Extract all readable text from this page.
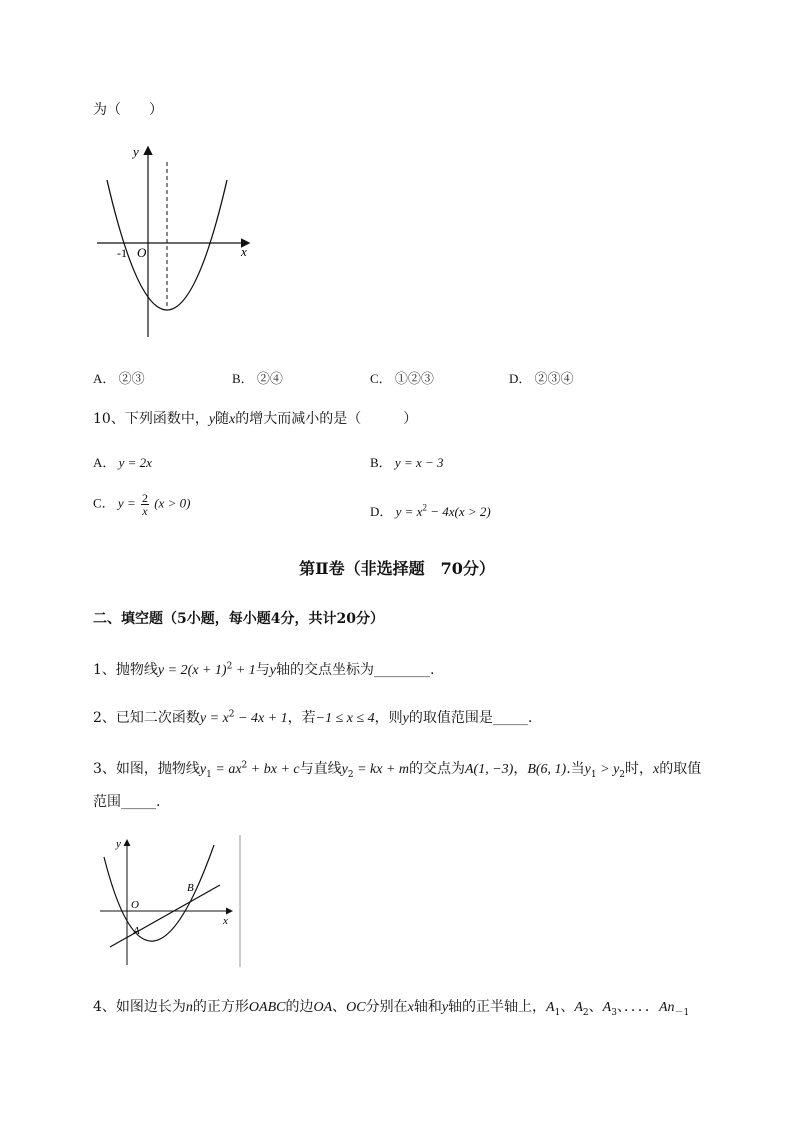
为（　　）
y
x
O
-1
A． ②③	B． ②④	C． ①②③	D． ②③④
10、下列函数中，y随x的增大而减小的是（　　　）
A． y = 2x	B． y = x − 3
C． $y = \frac{2}{x} (x > 0)$
D． $y = x^2 - 4x(x > 2)$
第Ⅱ卷（非选择题　70分）
二、填空题（5小题，每小题4分，共计20分）
1、抛物线$y = 2(x + 1)^2 + 1$与y轴的交点坐标为________.
2、已知二次函数$y = x^2 - 4x + 1$，若−1 ≤ x ≤ 4，则y的取值范围是_____.
3、如图，抛物线$y_1 = ax^2$ + bx + c与直线$y_2$ = kx + m的交点为A(1, −3)，B(6, 1).当$y_1 > y_2$时，x的取值
范围_____.
y
x
O
A
B
4、如图边长为n的正方形OABC的边OA、OC分别在x轴和y轴的正半轴上，$A_1$、$A_2$、$A_3$、．．．．$An_{-1}$
